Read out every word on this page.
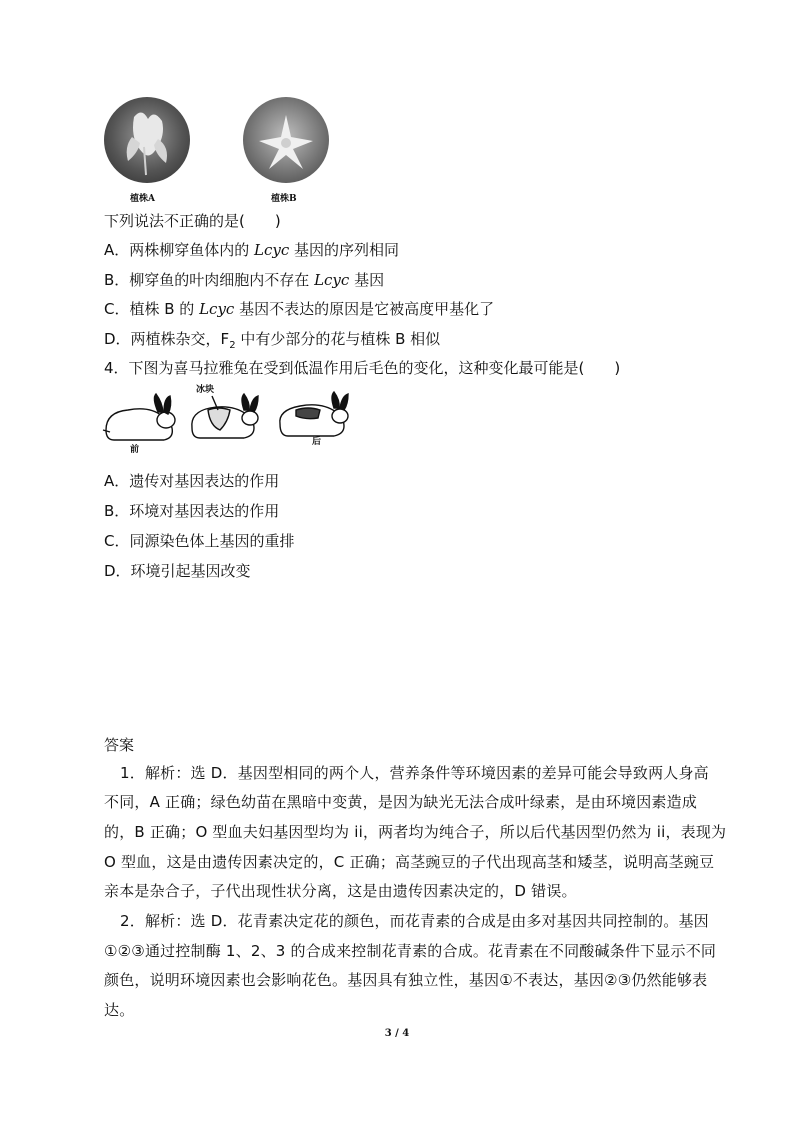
植株A	植株B
下列说法不正确的是(　　)
A．两株柳穿鱼体内的 Lcyc 基因的序列相同
B．柳穿鱼的叶肉细胞内不存在 Lcyc 基因
C．植株 B 的 Lcyc 基因不表达的原因是它被高度甲基化了
D．两植株杂交，$F_2$ 中有少部分的花与植株 B 相似
4．下图为喜马拉雅兔在受到低温作用后毛色的变化，这种变化最可能是(　　)
冰块
前
后
A．遗传对基因表达的作用
B．环境对基因表达的作用
C．同源染色体上基因的重排
D．环境引起基因改变
答案
1．解析：选 D．基因型相同的两个人，营养条件等环境因素的差异可能会导致两人身高
不同，A 正确；绿色幼苗在黑暗中变黄，是因为缺光无法合成叶绿素，是由环境因素造成
的，B 正确；O 型血夫妇基因型均为 ii，两者均为纯合子，所以后代基因型仍然为 ii，表现为
O 型血，这是由遗传因素决定的，C 正确；高茎豌豆的子代出现高茎和矮茎，说明高茎豌豆
亲本是杂合子，子代出现性状分离，这是由遗传因素决定的，D 错误。
2．解析：选 D．花青素决定花的颜色，而花青素的合成是由多对基因共同控制的。基因
①②③通过控制酶 1、2、3 的合成来控制花青素的合成。花青素在不同酸碱条件下显示不同
颜色，说明环境因素也会影响花色。基因具有独立性，基因①不表达，基因②③仍然能够表
达。
3 / 4
